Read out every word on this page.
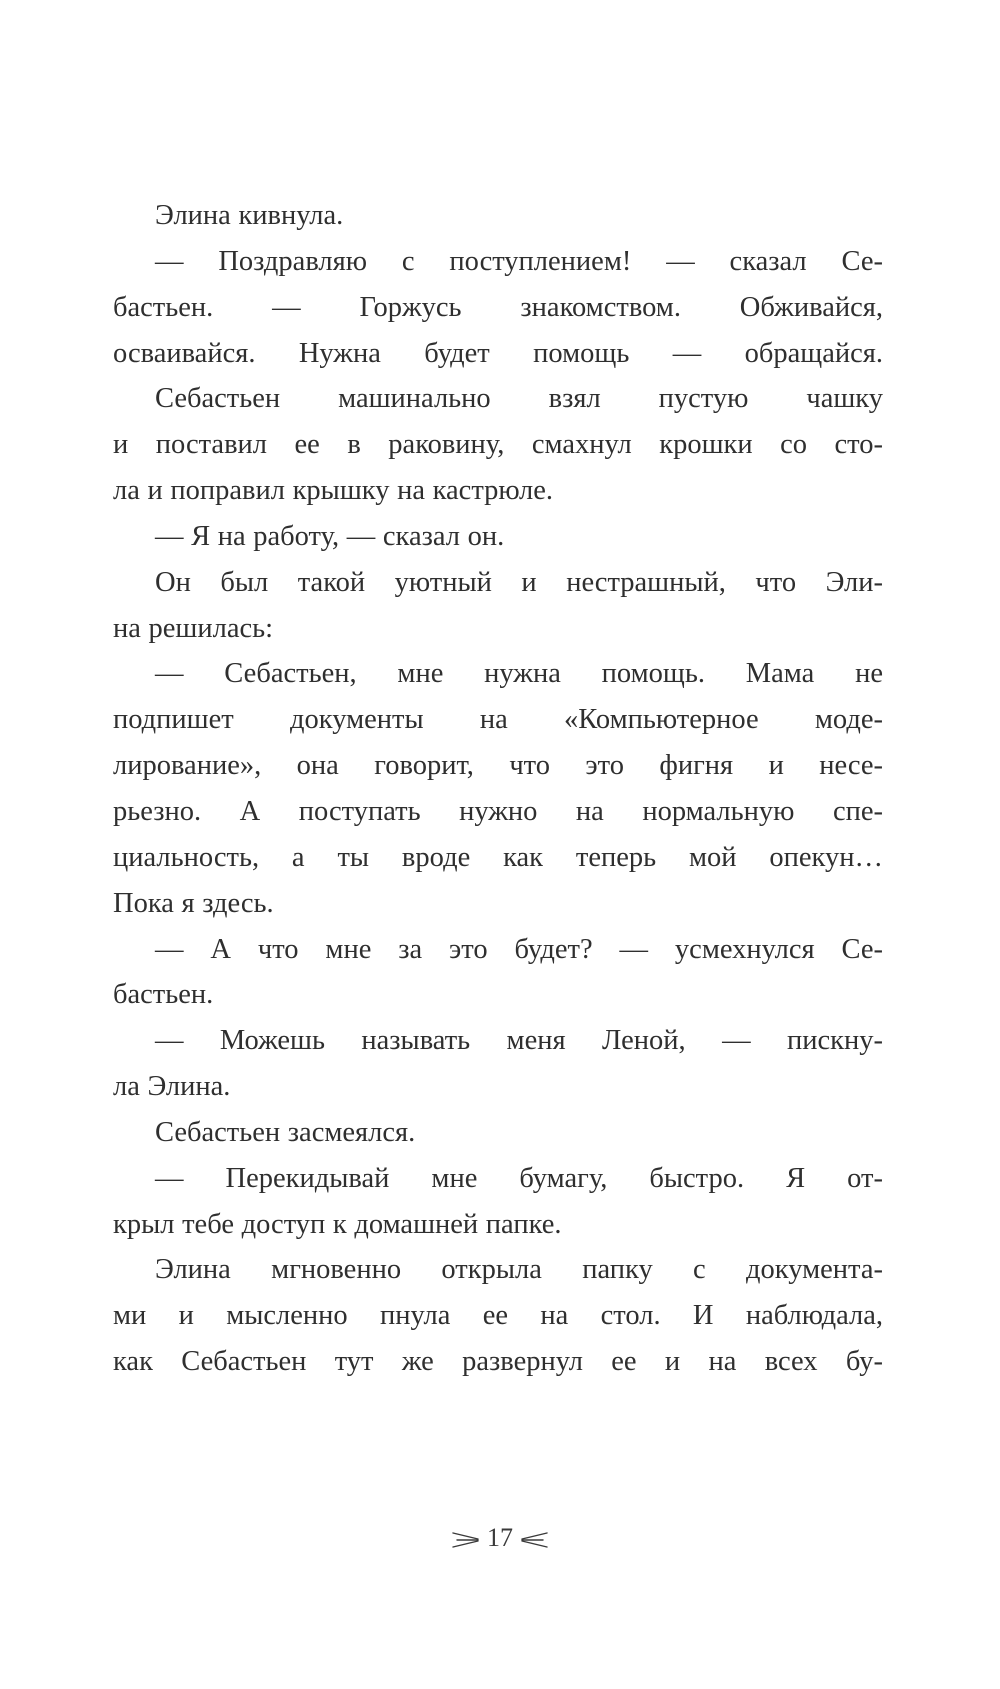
Элина кивнула.
— Поздравляю с поступлением! — сказал Се-
бастьен. — Горжусь знакомством. Обживайся,
осваивайся. Нужна будет помощь — обращайся.
Себастьен машинально взял пустую чашку
и поставил ее в раковину, смахнул крошки со сто-
ла и поправил крышку на кастрюле.
— Я на работу, — сказал он.
Он был такой уютный и нестрашный, что Эли-
на решилась:
— Себастьен, мне нужна помощь. Мама не
подпишет документы на «Компьютерное моде-
лирование», она говорит, что это фигня и несе-
рьезно. А поступать нужно на нормальную спе-
циальность, а ты вроде как теперь мой опекун…
Пока я здесь.
— А что мне за это будет? — усмехнулся Се-
бастьен.
— Можешь называть меня Леной, — пискну-
ла Элина.
Себастьен засмеялся.
— Перекидывай мне бумагу, быстро. Я от-
крыл тебе доступ к домашней папке.
Элина мгновенно открыла папку с документа-
ми и мысленно пнула ее на стол. И наблюдала,
как Себастьен тут же развернул ее и на всех бу-
17
